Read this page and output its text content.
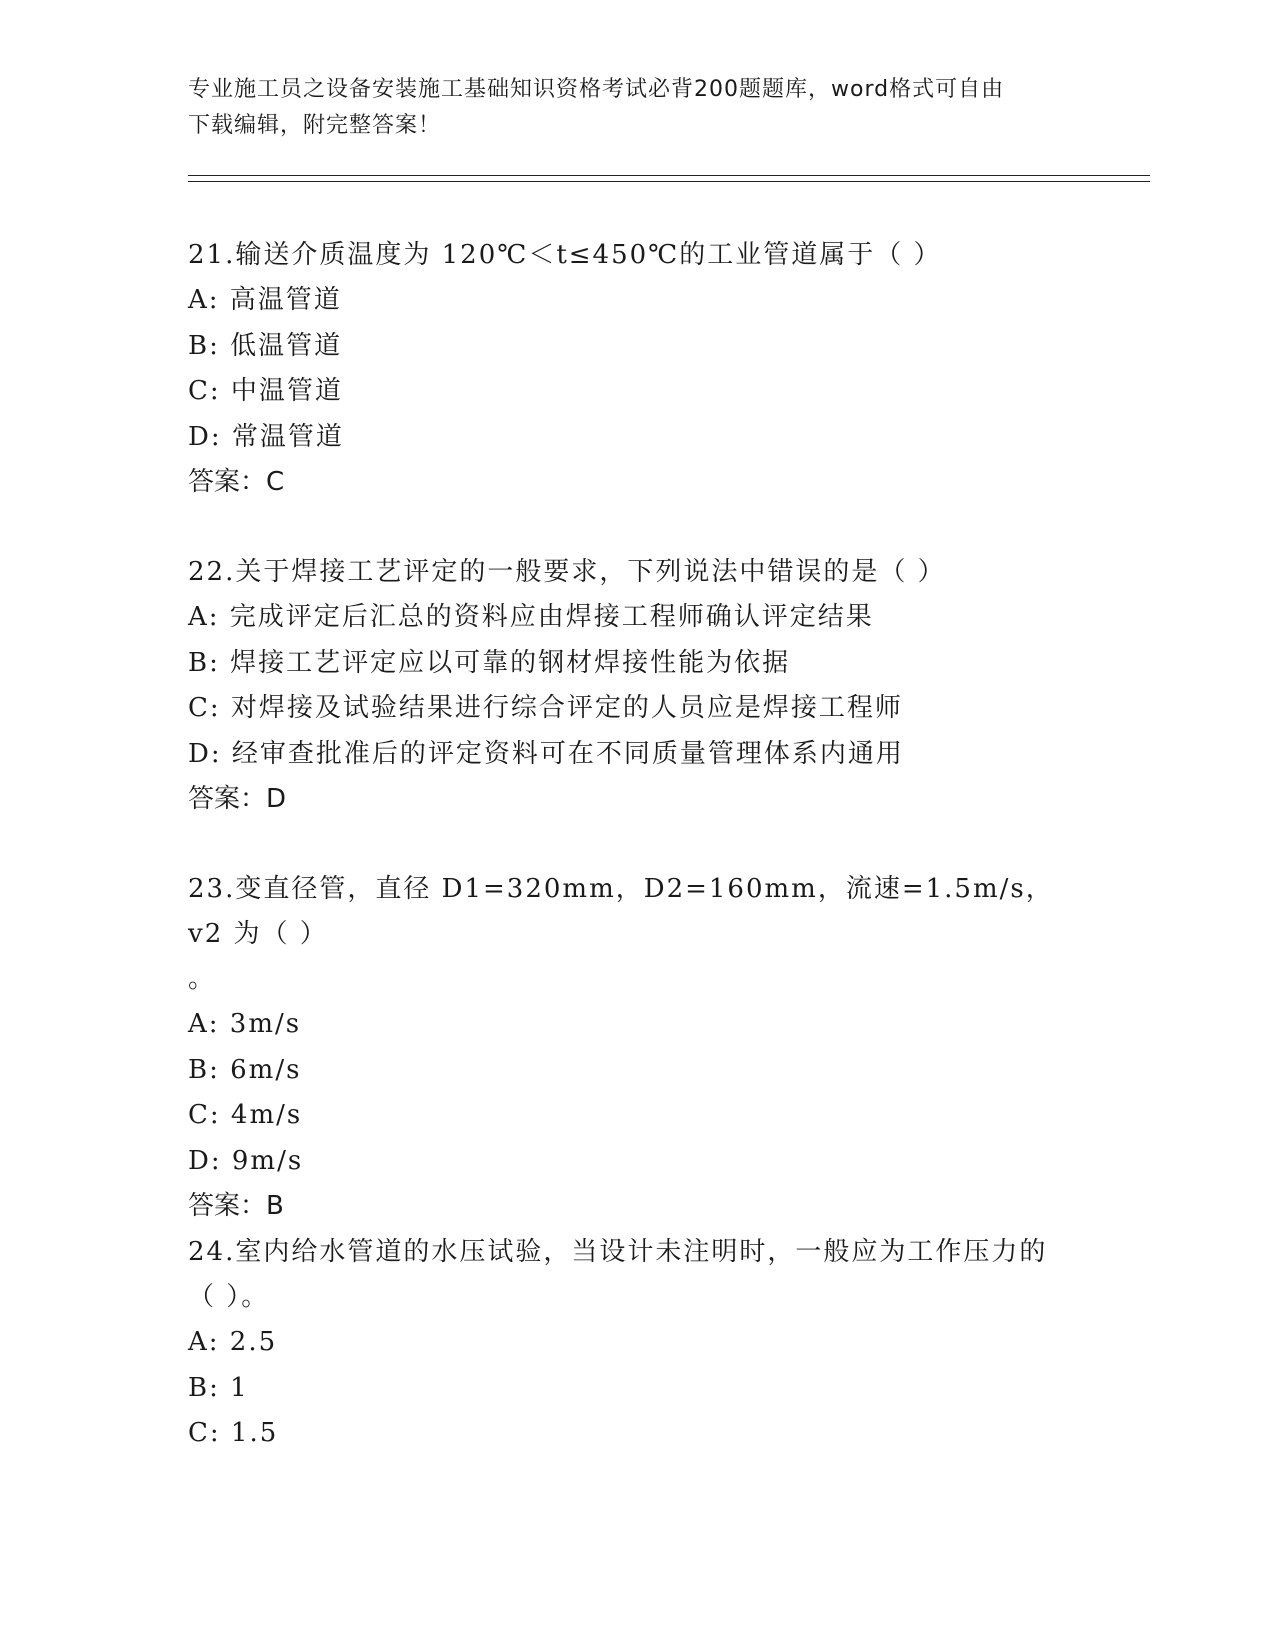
专业施工员之设备安装施工基础知识资格考试必背200题题库，word格式可自由
下载编辑，附完整答案！

21.输送介质温度为 120℃＜t≤450℃的工业管道属于（ ）

A: 高温管道

B: 低温管道

C: 中温管道

D: 常温管道

答案：C

22.关于焊接工艺评定的一般要求，下列说法中错误的是（ ）

A: 完成评定后汇总的资料应由焊接工程师确认评定结果

B: 焊接工艺评定应以可靠的钢材焊接性能为依据

C: 对焊接及试验结果进行综合评定的人员应是焊接工程师

D: 经审查批准后的评定资料可在不同质量管理体系内通用

答案：D

23.变直径管，直径 D1=320mm，D2=160mm，流速=1.5m/s，v2 为（ ）

。

A: 3m/s

B: 6m/s

C: 4m/s

D: 9m/s

答案：B

24.室内给水管道的水压试验，当设计未注明时，一般应为工作压力的

（ ）。

A: 2.5

B: 1

C: 1.5
